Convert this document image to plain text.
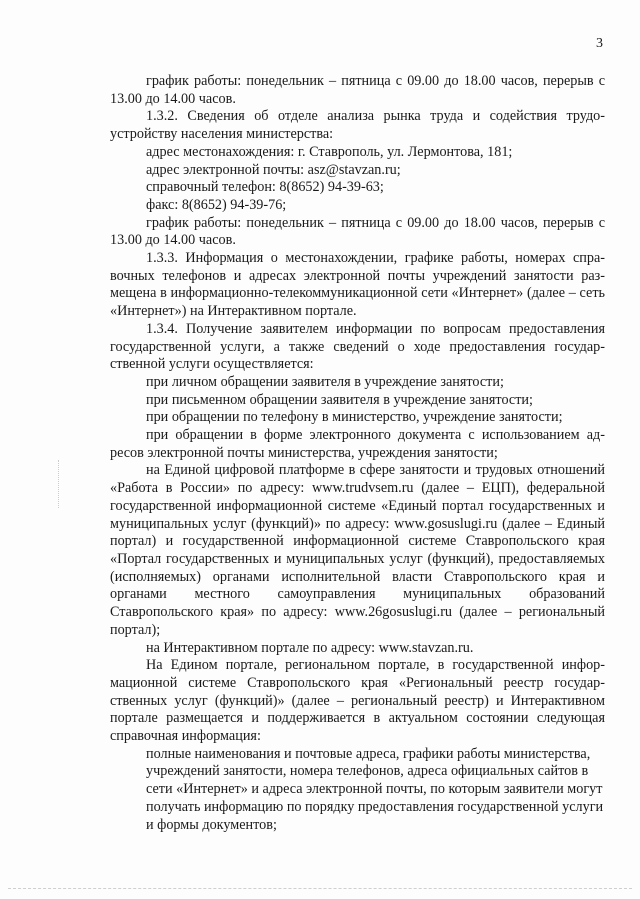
3

график работы: понедельник – пятница с 09.00 до 18.00 часов, перерыв с 13.00 до 14.00 часов.

1.3.2. Сведения об отделе анализа рынка труда и содействия трудоустройству населения министерства:

адрес местонахождения: г. Ставрополь, ул. Лермонтова, 181;

адрес электронной почты: asz@stavzan.ru;

справочный телефон: 8(8652) 94-39-63;

факс: 8(8652) 94-39-76;

график работы: понедельник – пятница с 09.00 до 18.00 часов, перерыв с 13.00 до 14.00 часов.

1.3.3. Информация о местонахождении, графике работы, номерах справочных телефонов и адресах электронной почты учреждений занятости размещена в информационно-телекоммуникационной сети «Интернет» (далее – сеть «Интернет») на Интерактивном портале.

1.3.4. Получение заявителем информации по вопросам предоставления государственной услуги, а также сведений о ходе предоставления государственной услуги осуществляется:

при личном обращении заявителя в учреждение занятости;

при письменном обращении заявителя в учреждение занятости;

при обращении по телефону в министерство, учреждение занятости;

при обращении в форме электронного документа с использованием адресов электронной почты министерства, учреждения занятости;

на Единой цифровой платформе в сфере занятости и трудовых отношений «Работа в России» по адресу: www.trudvsem.ru (далее – ЕЦП), федеральной государственной информационной системе «Единый портал государственных и муниципальных услуг (функций)» по адресу: www.gosuslugi.ru (далее – Единый портал) и государственной информационной системе Ставропольского края «Портал государственных и муниципальных услуг (функций), предоставляемых (исполняемых) органами исполнительной власти Ставропольского края и органами местного самоуправления муниципальных образований Ставропольского края» по адресу: www.26gosuslugi.ru (далее – региональный портал);

на Интерактивном портале по адресу: www.stavzan.ru.

На Едином портале, региональном портале, в государственной информационной системе Ставропольского края «Региональный реестр государственных услуг (функций)» (далее – региональный реестр) и Интерактивном портале размещается и поддерживается в актуальном состоянии следующая справочная информация:

полные наименования и почтовые адреса, графики работы министерства, учреждений занятости, номера телефонов, адреса официальных сайтов в сети «Интернет» и адреса электронной почты, по которым заявители могут получать информацию по порядку предоставления государственной услуги и формы документов;
